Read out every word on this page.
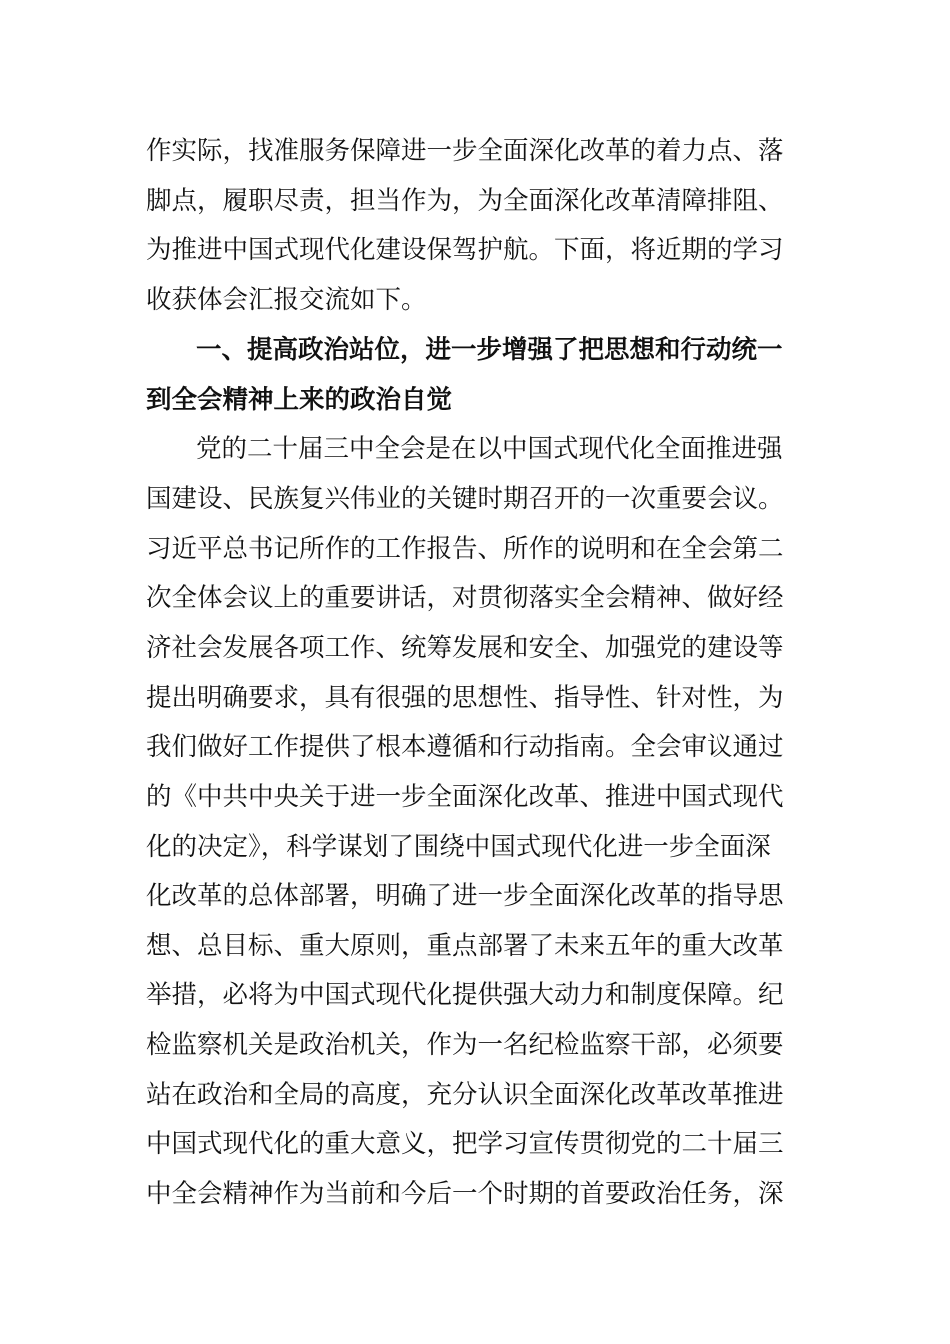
作实际，找准服务保障进一步全面深化改革的着力点、落
脚点，履职尽责，担当作为，为全面深化改革清障排阻、
为推进中国式现代化建设保驾护航。下面，将近期的学习
收获体会汇报交流如下。
一、提高政治站位，进一步增强了把思想和行动统一
到全会精神上来的政治自觉
党的二十届三中全会是在以中国式现代化全面推进强
国建设、民族复兴伟业的关键时期召开的一次重要会议。
习近平总书记所作的工作报告、所作的说明和在全会第二
次全体会议上的重要讲话，对贯彻落实全会精神、做好经
济社会发展各项工作、统筹发展和安全、加强党的建设等
提出明确要求，具有很强的思想性、指导性、针对性，为
我们做好工作提供了根本遵循和行动指南。全会审议通过
的《中共中央关于进一步全面深化改革、推进中国式现代
化的决定》，科学谋划了围绕中国式现代化进一步全面深
化改革的总体部署，明确了进一步全面深化改革的指导思
想、总目标、重大原则，重点部署了未来五年的重大改革
举措，必将为中国式现代化提供强大动力和制度保障。纪
检监察机关是政治机关，作为一名纪检监察干部，必须要
站在政治和全局的高度，充分认识全面深化改革改革推进
中国式现代化的重大意义，把学习宣传贯彻党的二十届三
中全会精神作为当前和今后一个时期的首要政治任务，深
